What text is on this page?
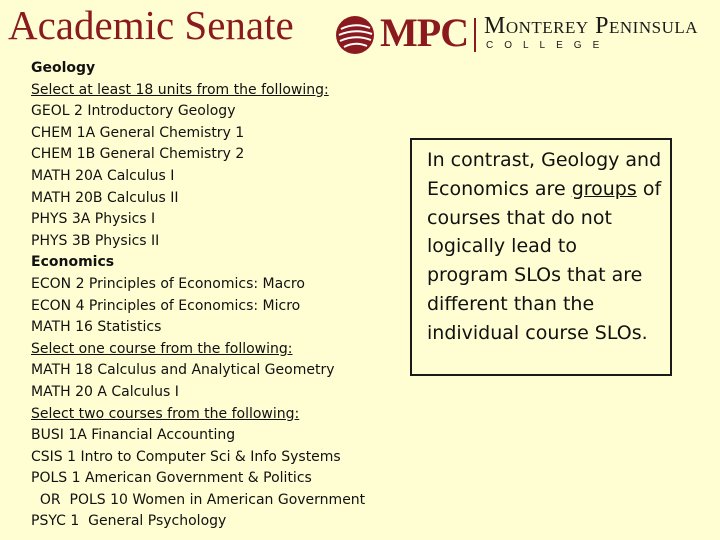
Academic Senate MPC Monterey Peninsula
COLLEGE
Geology
Select at least 18 units from the following:
GEOL 2 Introductory Geology
CHEM 1A General Chemistry 1
CHEM 1B General Chemistry 2
MATH 20A Calculus I
MATH 20B Calculus II
PHYS 3A Physics I
PHYS 3B Physics II
Economics
ECON 2 Principles of Economics: Macro
ECON 4 Principles of Economics: Micro
MATH 16 Statistics
Select one course from the following:
MATH 18 Calculus and Analytical Geometry
MATH 20 A Calculus I
Select two courses from the following:
BUSI 1A Financial Accounting
CSIS 1 Intro to Computer Sci & Info Systems
POLS 1 American Government & Politics
OR  POLS 10 Women in American Government
PSYC 1  General Psychology
In contrast, Geology and Economics are groups of courses that do not logically lead to program SLOs that are different than the individual course SLOs.
